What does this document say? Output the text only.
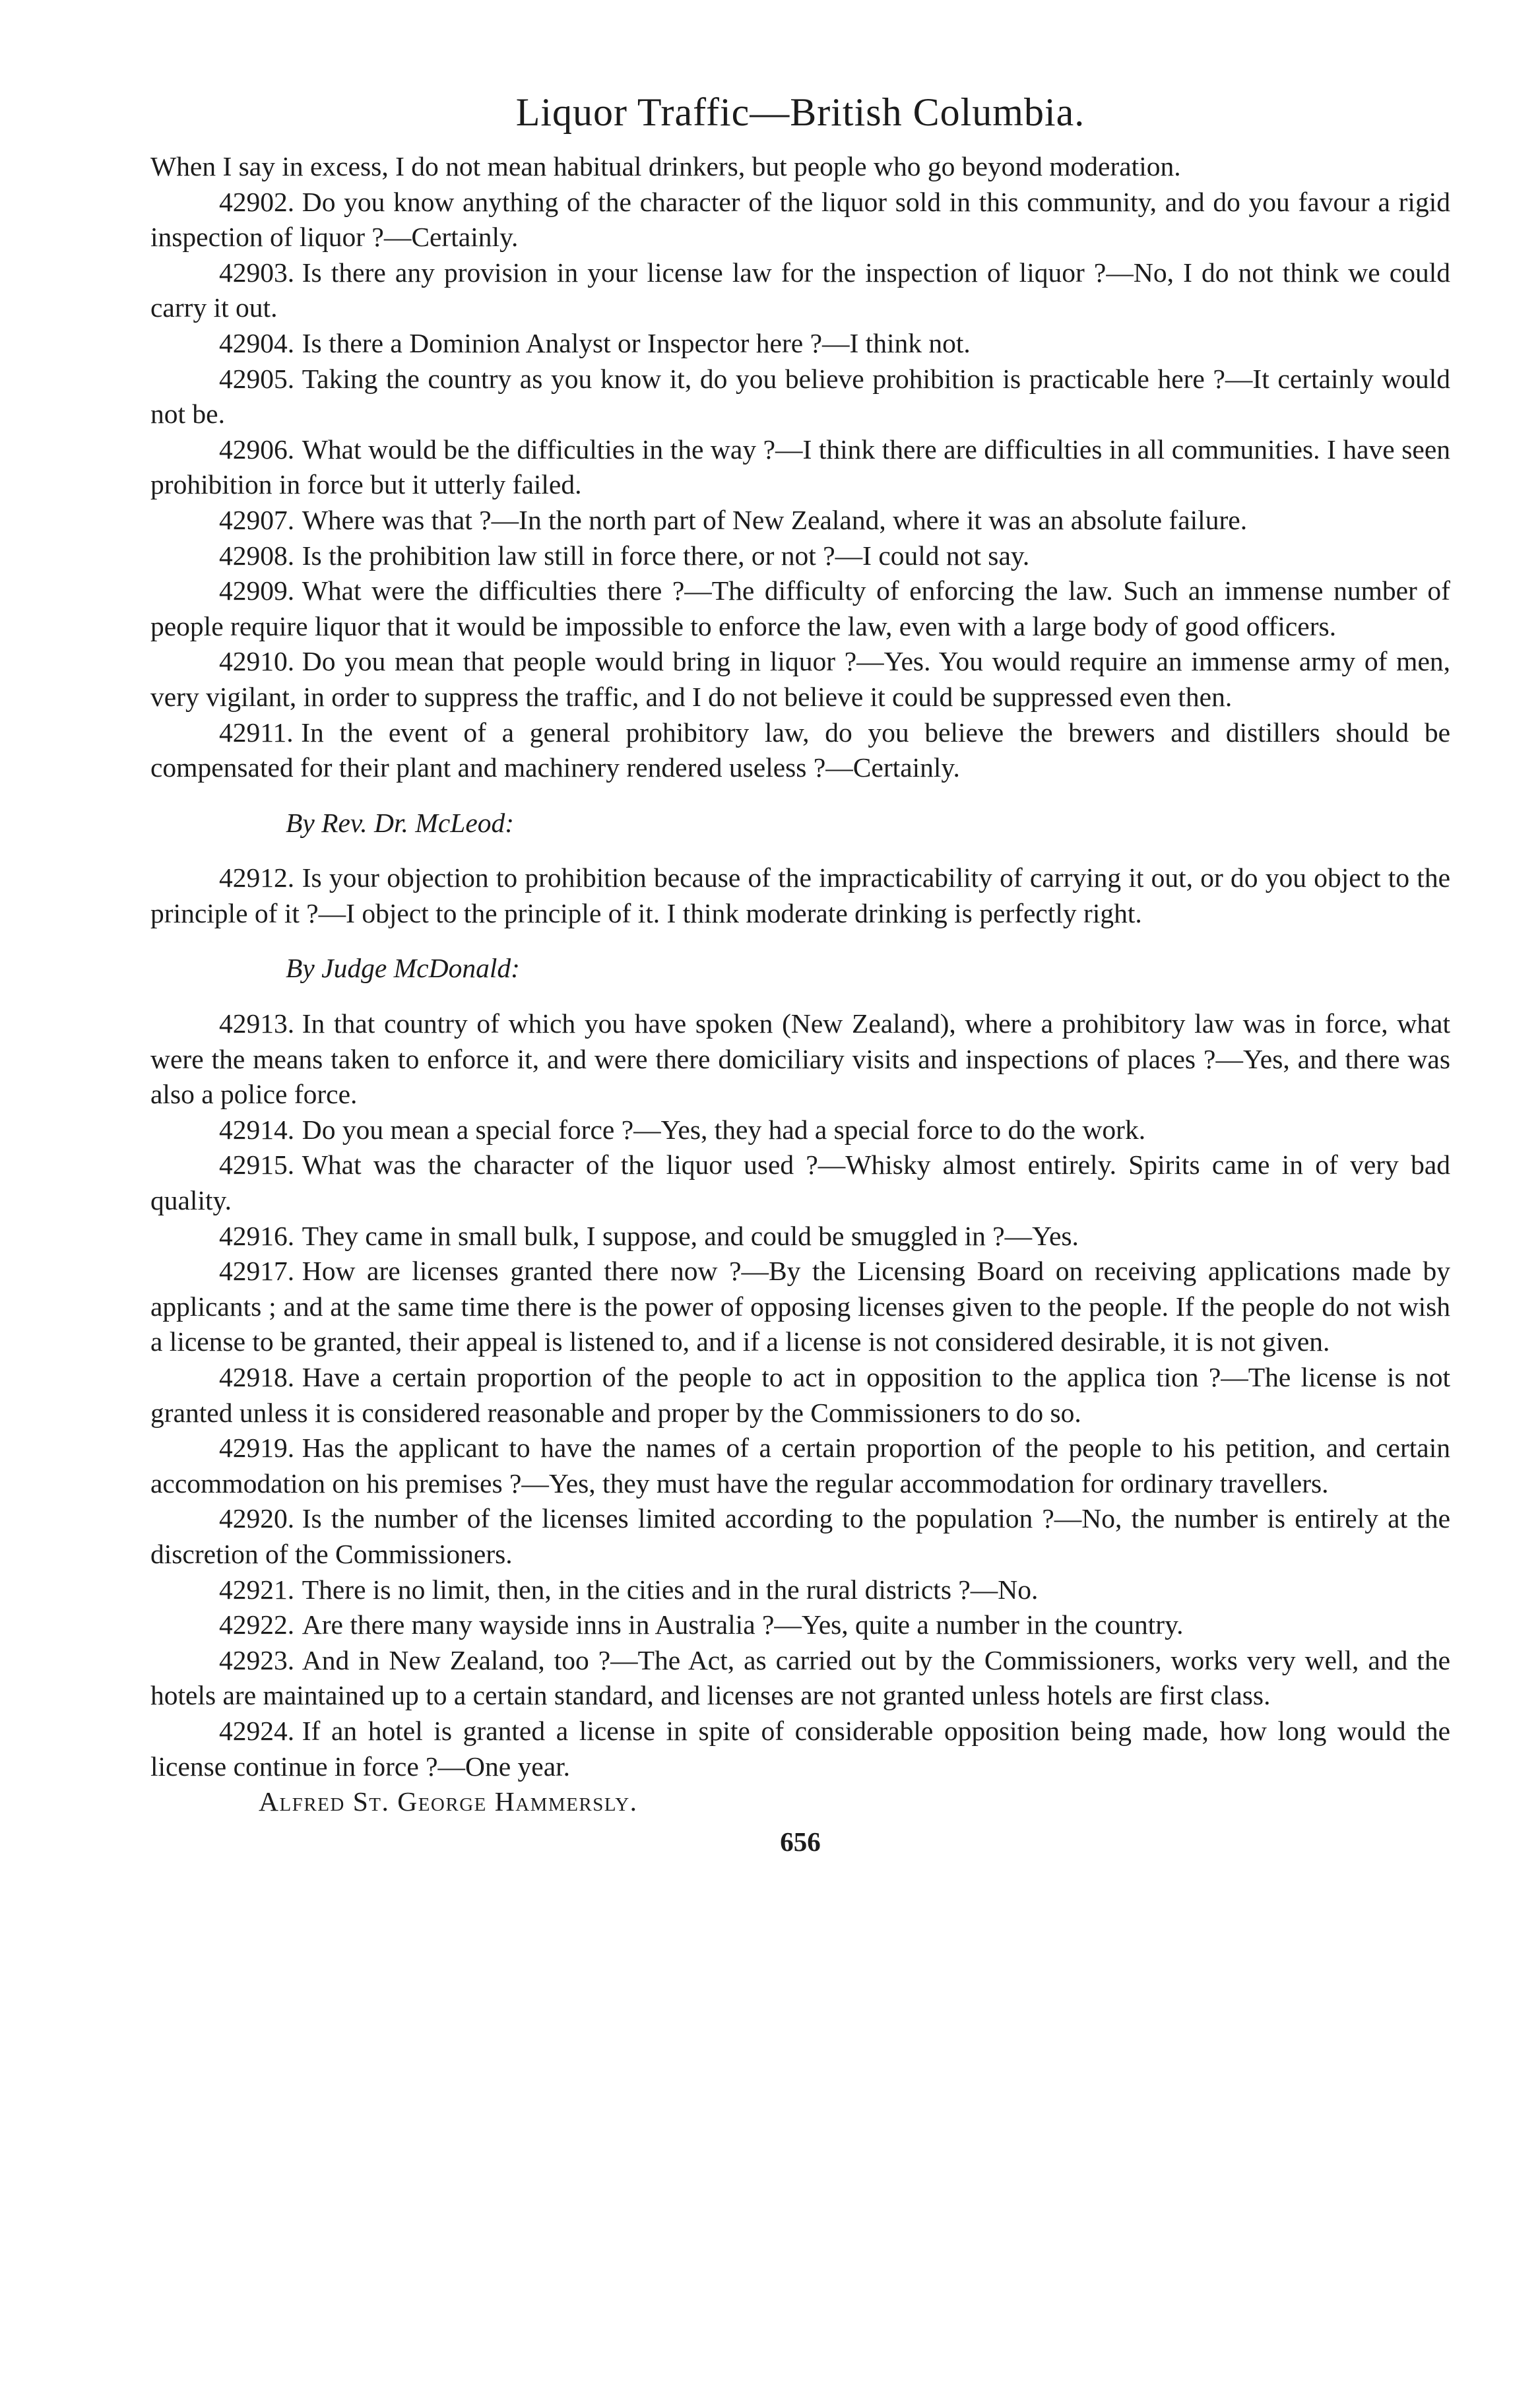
Liquor Traffic—British Columbia.

When I say in excess, I do not mean habitual drinkers, but people who go beyond moderation.

42902. Do you know anything of the character of the liquor sold in this community, and do you favour a rigid inspection of liquor ?—Certainly.

42903. Is there any provision in your license law for the inspection of liquor ?—No, I do not think we could carry it out.

42904. Is there a Dominion Analyst or Inspector here ?—I think not.

42905. Taking the country as you know it, do you believe prohibition is practicable here ?—It certainly would not be.

42906. What would be the difficulties in the way ?—I think there are difficulties in all communities. I have seen prohibition in force but it utterly failed.

42907. Where was that ?—In the north part of New Zealand, where it was an absolute failure.

42908. Is the prohibition law still in force there, or not ?—I could not say.

42909. What were the difficulties there ?—The difficulty of enforcing the law. Such an immense number of people require liquor that it would be impossible to enforce the law, even with a large body of good officers.

42910. Do you mean that people would bring in liquor ?—Yes. You would require an immense army of men, very vigilant, in order to suppress the traffic, and I do not believe it could be suppressed even then.

42911. In the event of a general prohibitory law, do you believe the brewers and distillers should be compensated for their plant and machinery rendered useless ?—Certainly.

By Rev. Dr. McLeod:

42912. Is your objection to prohibition because of the impracticability of carrying it out, or do you object to the principle of it ?—I object to the principle of it. I think moderate drinking is perfectly right.

By Judge McDonald:

42913. In that country of which you have spoken (New Zealand), where a prohibitory law was in force, what were the means taken to enforce it, and were there domiciliary visits and inspections of places ?—Yes, and there was also a police force.

42914. Do you mean a special force ?—Yes, they had a special force to do the work.

42915. What was the character of the liquor used ?—Whisky almost entirely. Spirits came in of very bad quality.

42916. They came in small bulk, I suppose, and could be smuggled in ?—Yes.

42917. How are licenses granted there now ?—By the Licensing Board on receiving applications made by applicants ; and at the same time there is the power of opposing licenses given to the people. If the people do not wish a license to be granted, their appeal is listened to, and if a license is not considered desirable, it is not given.

42918. Have a certain proportion of the people to act in opposition to the applica tion ?—The license is not granted unless it is considered reasonable and proper by the Commissioners to do so.

42919. Has the applicant to have the names of a certain proportion of the people to his petition, and certain accommodation on his premises ?—Yes, they must have the regular accommodation for ordinary travellers.

42920. Is the number of the licenses limited according to the population ?—No, the number is entirely at the discretion of the Commissioners.

42921. There is no limit, then, in the cities and in the rural districts ?—No.

42922. Are there many wayside inns in Australia ?—Yes, quite a number in the country.

42923. And in New Zealand, too ?—The Act, as carried out by the Commissioners, works very well, and the hotels are maintained up to a certain standard, and licenses are not granted unless hotels are first class.

42924. If an hotel is granted a license in spite of considerable opposition being made, how long would the license continue in force ?—One year.

Alfred St. George Hammersly.
656
